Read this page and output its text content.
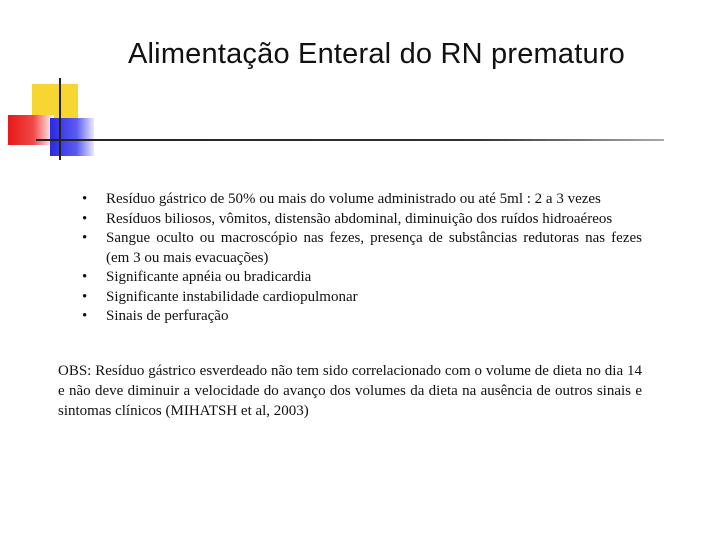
Alimentação Enteral do RN prematuro
• Resíduo gástrico de 50% ou mais do volume administrado ou até 5ml : 2 a 3 vezes
• Resíduos biliosos, vômitos, distensão abdominal, diminuição dos ruídos hidroaéreos
• Sangue oculto ou macroscópio nas fezes, presença de substâncias redutoras nas fezes (em 3 ou mais evacuações)
• Significante apnéia ou bradicardia
• Significante instabilidade cardiopulmonar
• Sinais de perfuração

OBS: Resíduo gástrico esverdeado não tem sido correlacionado com o volume de dieta no dia 14 e não deve diminuir a velocidade do avanço dos volumes da dieta na ausência de outros sinais e sintomas clínicos (MIHATSH et al, 2003)
